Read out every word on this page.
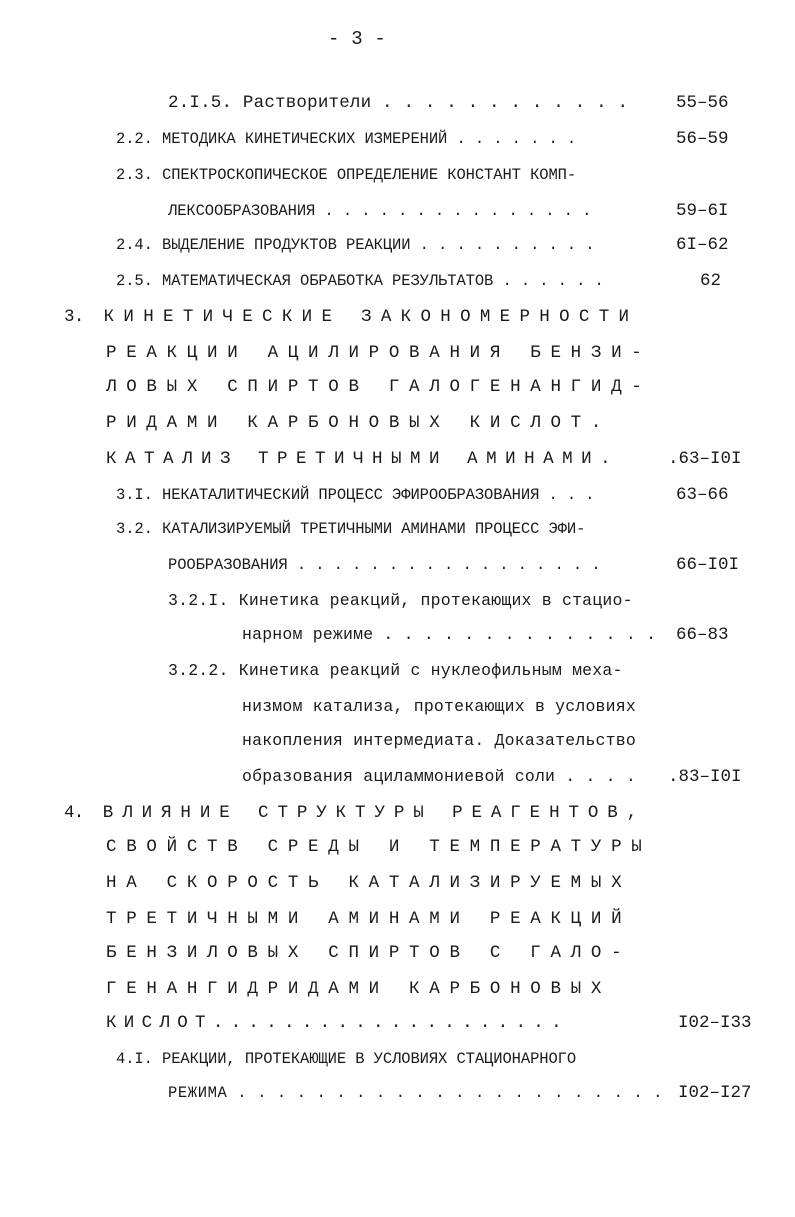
- 3 -
2.I.5. Растворители . . . . . . . . . . . .	55–56
2.2. МЕТОДИКА КИНЕТИЧЕСКИХ ИЗМЕРЕНИЙ . . . . . . .	56–59
2.3. СПЕКТРОСКОПИЧЕСКОЕ ОПРЕДЕЛЕНИЕ КОНСТАНТ КОМП-
ЛЕКСООБРАЗОВАНИЯ . . . . . . . . . . . . . . .	59–6I
2.4. ВЫДЕЛЕНИЕ ПРОДУКТОВ РЕАКЦИИ . . . . . . . . . .	6I–62
2.5. МАТЕМАТИЧЕСКАЯ ОБРАБОТКА РЕЗУЛЬТАТОВ . . . . . .	62
3.  К И Н Е Т И Ч Е С К И Е   З А К О Н О М Е Р Н О С Т И
Р Е А К Ц И И   А Ц И Л И Р О В А Н И Я   Б Е Н З И -
Л О В Ы Х   С П И Р Т О В   Г А Л О Г Е Н А Н Г И Д -
Р И Д А М И   К А Р Б О Н О В Ы Х   К И С Л О Т .
К А Т А Л И З   Т Р Е Т И Ч Н Ы М И   А М И Н А М И .	.63–I0I
3.I. НЕКАТАЛИТИЧЕСКИЙ ПРОЦЕСС ЭФИРООБРАЗОВАНИЯ . . .	63–66
3.2. КАТАЛИЗИРУЕМЫЙ ТРЕТИЧНЫМИ АМИНАМИ ПРОЦЕСС ЭФИ-
РООБРАЗОВАНИЯ . . . . . . . . . . . . . . . . .	66–I0I
3.2.I. Кинетика реакций, протекающих в стацио-
нарном режиме . . . . . . . . . . . . . . 66–83
3.2.2. Кинетика реакций с нуклеофильным меха-
низмом катализа, протекающих в условиях
накопления интермедиата. Доказательство
образования ациламмониевой соли . . . . .83–I0I
4.  В Л И Я Н И Е   С Т Р У К Т У Р Ы   Р Е А Г Е Н Т О В ,
С В О Й С Т В   С Р Е Д Ы   И   Т Е М П Е Р А Т У Р Ы
Н А   С К О Р О С Т Ь   К А Т А Л И З И Р У Е М Ы Х
Т Р Е Т И Ч Н Ы М И   А М И Н А М И   Р Е А К Ц И Й
Б Е Н З И Л О В Ы Х   С П И Р Т О В   С   Г А Л О -
Г Е Н А Н Г И Д Р И Д А М И   К А Р Б О Н О В Ы Х
К И С Л О Т . . . . . . . . . . . . . . . . . . . .	I02–I33
4.I. РЕАКЦИИ, ПРОТЕКАЮЩИЕ В УСЛОВИЯХ СТАЦИОНАРНОГО
РЕЖИМА . . . . . . . . . . . . . . . . . . . . . . I02–I27
